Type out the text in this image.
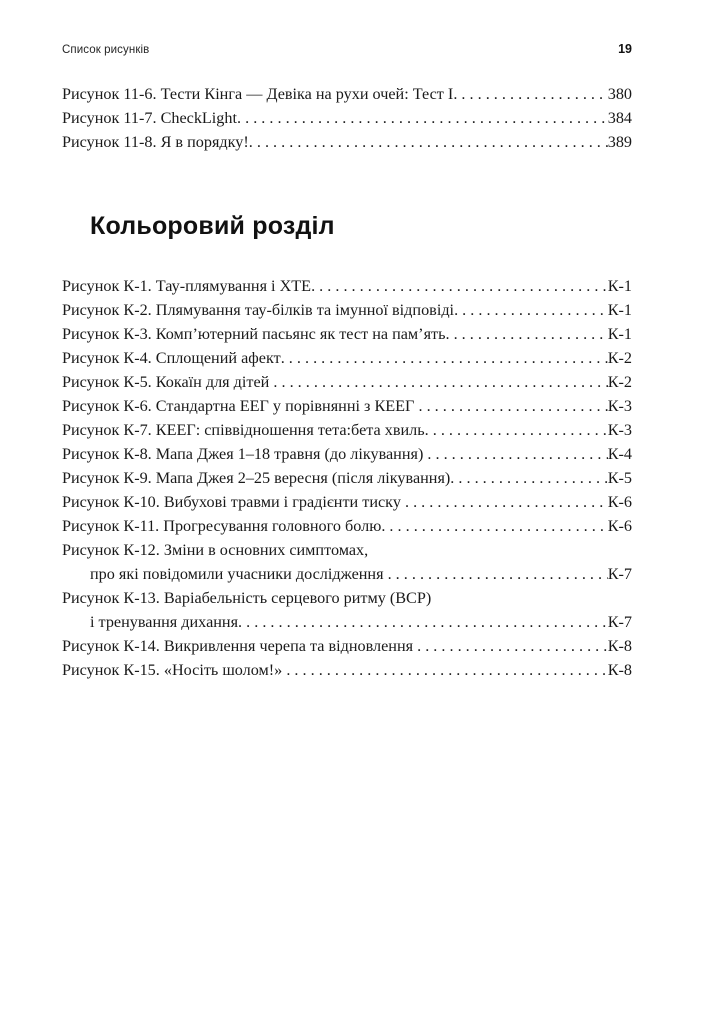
Список рисунків	19
Рисунок 11-6. Тести Кінга — Девіка на рухи очей: Тест I . . .	380
Рисунок 11-7. CheckLight . . .	384
Рисунок 11-8. Я в порядку! . . .	389
Кольоровий розділ
Рисунок К-1. Тау-плямування і ХТЕ . . .	К-1
Рисунок К-2. Плямування тау-білків та імунної відповіді . . .	К-1
Рисунок К-3. Комп’ютерний пасьянс як тест на пам’ять . . .	К-1
Рисунок К-4. Сплощений афект . . .	К-2
Рисунок К-5. Кокаїн для дітей . . .	К-2
Рисунок К-6. Стандартна ЕЕГ у порівнянні з КЕЕГ . . .	К-3
Рисунок К-7. КЕЕГ: співвідношення тета:бета хвиль . . .	К-3
Рисунок К-8. Мапа Джея 1–18 травня (до лікування) . . .	К-4
Рисунок К-9. Мапа Джея 2–25 вересня (після лікування) . . .	К-5
Рисунок К-10. Вибухові травми і градієнти тиску . . .	К-6
Рисунок К-11. Прогресування головного болю . . .	К-6
Рисунок К-12. Зміни в основних симптомах,
про які повідомили учасники дослідження . . .	К-7
Рисунок К-13. Варіабельність серцевого ритму (ВСР)
і тренування дихання . . .	К-7
Рисунок К-14. Викривлення черепа та відновлення . . .	К-8
Рисунок К-15. «Носіть шолом!» . . .	К-8
